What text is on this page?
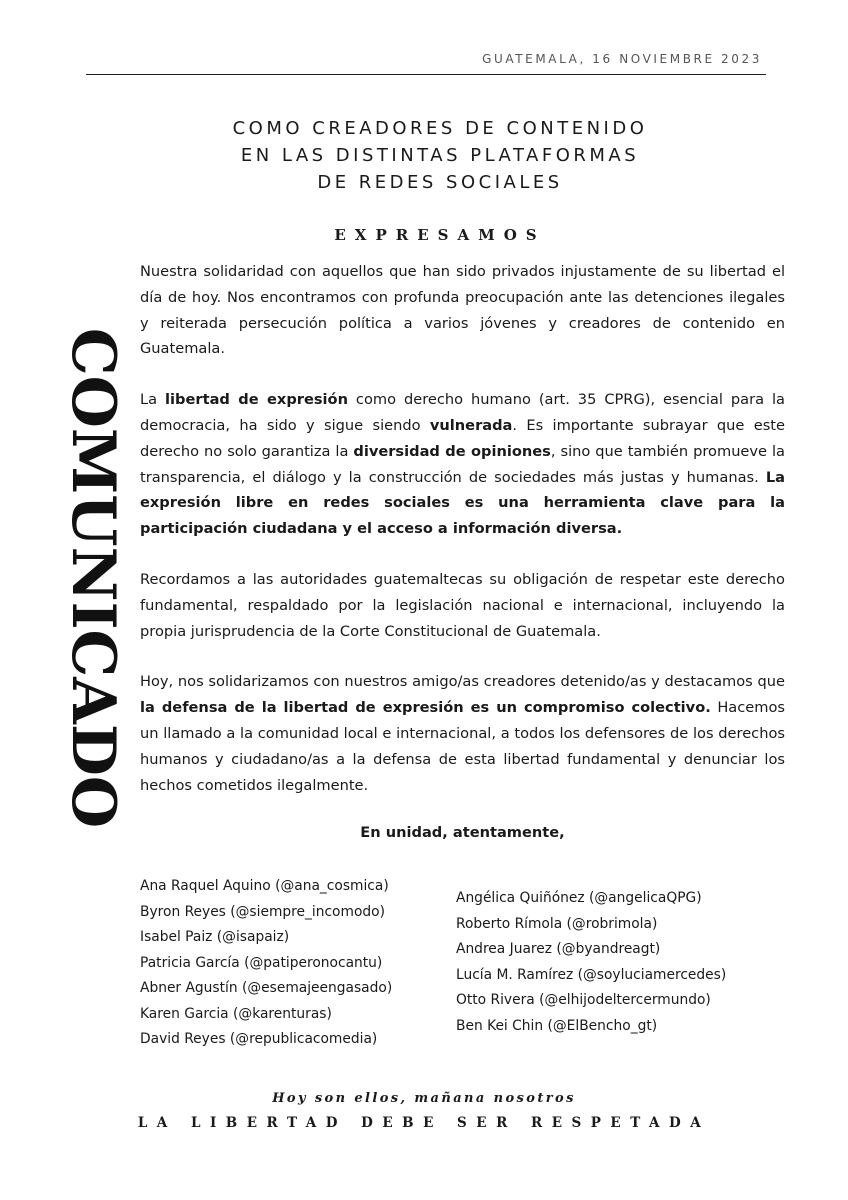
GUATEMALA, 16 NOVIEMBRE 2023
COMO CREADORES DE CONTENIDO
EN LAS DISTINTAS PLATAFORMAS
DE REDES SOCIALES
EXPRESAMOS
COMUNICADO

Nuestra solidaridad con aquellos que han sido privados injustamente de su libertad el día de hoy. Nos encontramos con profunda preocupación ante las detenciones ilegales y reiterada persecución política a varios jóvenes y creadores de contenido en Guatemala.

La libertad de expresión como derecho humano (art. 35 CPRG), esencial para la democracia, ha sido y sigue siendo vulnerada. Es importante subrayar que este derecho no solo garantiza la diversidad de opiniones, sino que también promueve la transparencia, el diálogo y la construcción de sociedades más justas y humanas. La expresión libre en redes sociales es una herramienta clave para la participación ciudadana y el acceso a información diversa.

Recordamos a las autoridades guatemaltecas su obligación de respetar este derecho fundamental, respaldado por la legislación nacional e internacional, incluyendo la propia jurisprudencia de la Corte Constitucional de Guatemala.

Hoy, nos solidarizamos con nuestros amigo/as creadores detenido/as y destacamos que la defensa de la libertad de expresión es un compromiso colectivo. Hacemos un llamado a la comunidad local e internacional, a todos los defensores de los derechos humanos y ciudadano/as a la defensa de esta libertad fundamental y denunciar los hechos cometidos ilegalmente.

En unidad, atentamente,
Ana Raquel Aquino (@ana_cosmica)
Byron Reyes (@siempre_incomodo)
Isabel Paiz (@isapaiz)
Patricia García (@patiperonocantu)
Abner Agustín (@esemajeengasado)
Karen Garcia (@karenturas)
David Reyes (@republicacomedia)
Angélica Quiñónez (@angelicaQPG)
Roberto Rímola (@robrimola)
Andrea Juarez (@byandreagt)
Lucía M. Ramírez (@soyluciamercedes)
Otto Rivera (@elhijodeltercermundo)
Ben Kei Chin (@ElBencho_gt)
Hoy son ellos, mañana nosotros
LA LIBERTAD DEBE SER RESPETADA
